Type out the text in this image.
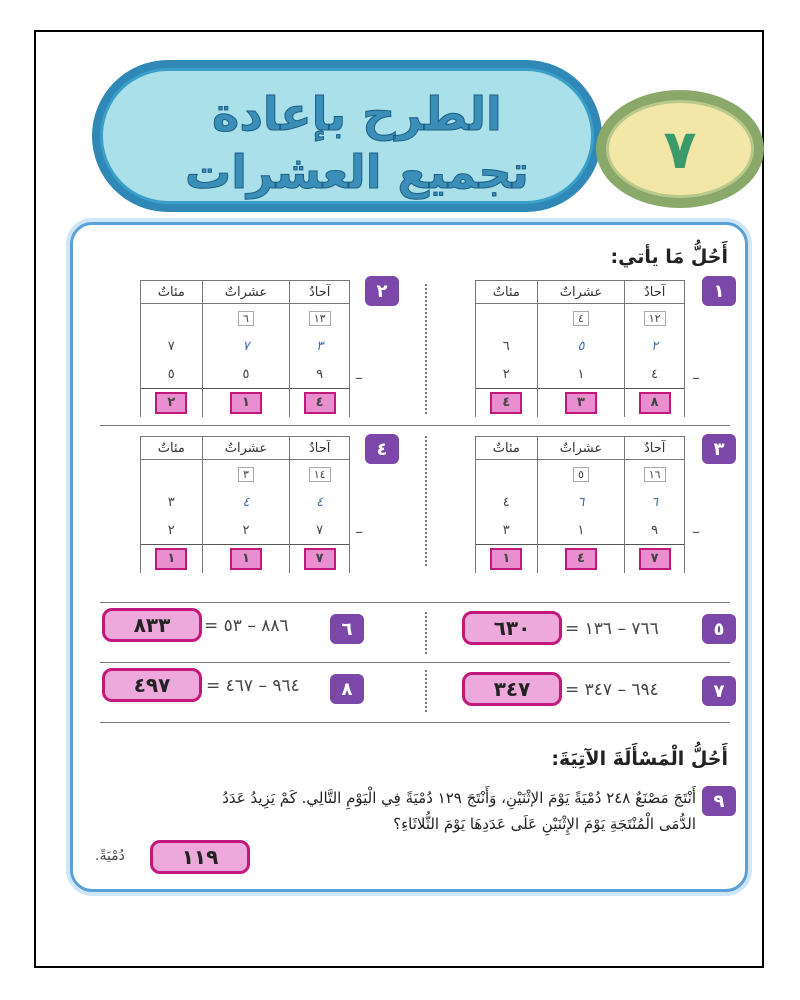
الطرح بإعادة
تجميع العشرات	٧
أَحُلُّ مَا يأتي:
١
آحادٌ	عشراتٌ	مئاتٌ
١٢	٤	
٢	٥	٦
٤	١	٢
٨	٣	٤
–
٢
آحادٌ	عشراتٌ	مئاتٌ
١٣	٦	
٣	٧	٧
٩	٥	٥
٤	١	٢
–
٣
آحادٌ	عشراتٌ	مئاتٌ
١٦	٥	
٦	٦	٤
٩	١	٣
٧	٤	١
–
٤
آحادٌ	عشراتٌ	مئاتٌ
١٤	٣	
٤	٤	٣
٧	٢	٢
٧	١	١
–
٥
٧٦٦ – ١٣٦ =
٦٣٠
٦
٨٨٦ – ٥٣ =
٨٣٣
٧
٦٩٤ – ٣٤٧ =
٣٤٧
٨
٩٦٤ – ٤٦٧ =
٤٩٧
أَحُلُّ الْمَسْأَلَةَ الآتِيَةَ:
٩
أَنْتَجَ مَصْنَعٌ ٢٤٨ دُمْيَةً يَوْمَ الإثْنَيْنِ، وَأَنْتَجَ ١٢٩ دُمْيَةً فِي الْيَوْمِ التَّالِي. كَمْ يَزِيدُ عَدَدُ
الدُّمَى الْمُنْتَجَةِ يَوْمَ الإِثْنَيْنِ عَلَى عَدَدِهَا يَوْمَ الثُّلاثَاءِ؟
١١٩
دُمْيَةً.
